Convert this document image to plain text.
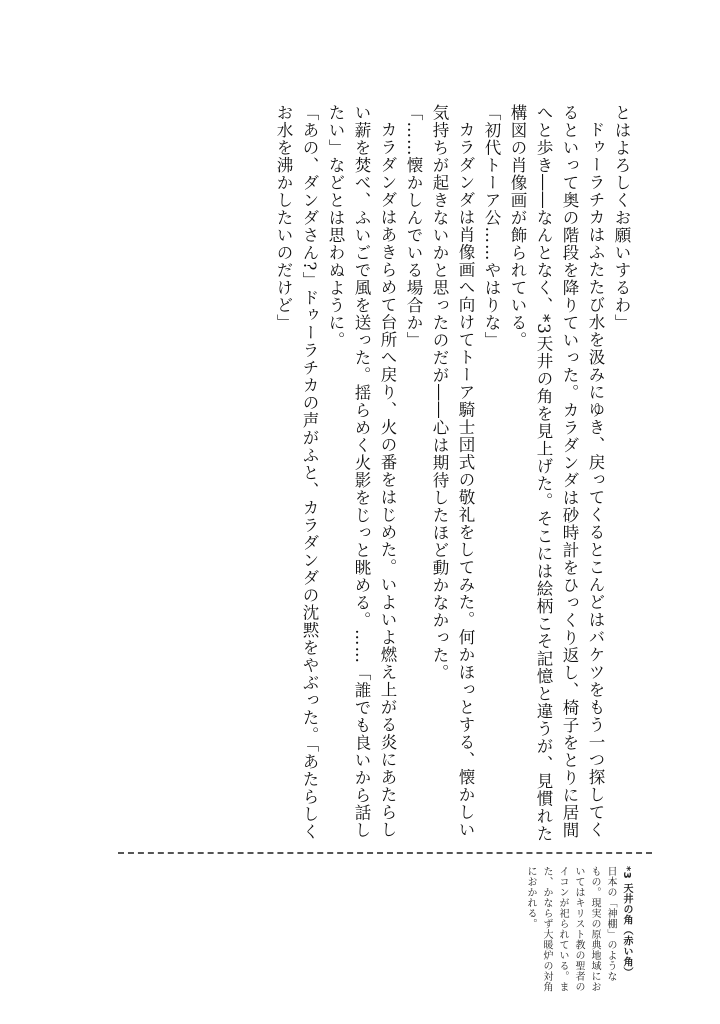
とはよろしくお願いするわ」

ドゥーラチカはふたたび水を汲みにゆき、戻ってくるとこんどはバケツをもう一つ探してくるといって奥の階段を降りていった。カラダンダは砂時計をひっくり返し、椅子をとりに居間へと歩き――なんとなく、*3天井の角を見上げた。そこには絵柄こそ記憶と違うが、見慣れた構図の肖像画が飾られている。

「初代トーア公……やはりな」

カラダンダは肖像画へ向けてトーア騎士団式の敬礼をしてみた。何かほっとする、懐かしい気持ちが起きないかと思ったのだが――心は期待したほど動かなかった。

「……懐かしんでいる場合か」

カラダンダはあきらめて台所へ戻り、火の番をはじめた。いよいよ燃え上がる炎にあたらしい薪を焚べ、ふいごで風を送った。揺らめく火影をじっと眺める。……「誰でも良いから話したい」などとは思わぬように。

「あの、ダンダさん?」ドゥーラチカの声がふと、カラダンダの沈黙をやぶった。「あたらしくお水を沸かしたいのだけど」

*3 天井の角（赤い角）
日本の「神棚」のような
もの。現実の原典地域にお
いてはキリスト教の聖者の
イコンが祀られている。ま
た、かならず大暖炉の対角
におかれる。
